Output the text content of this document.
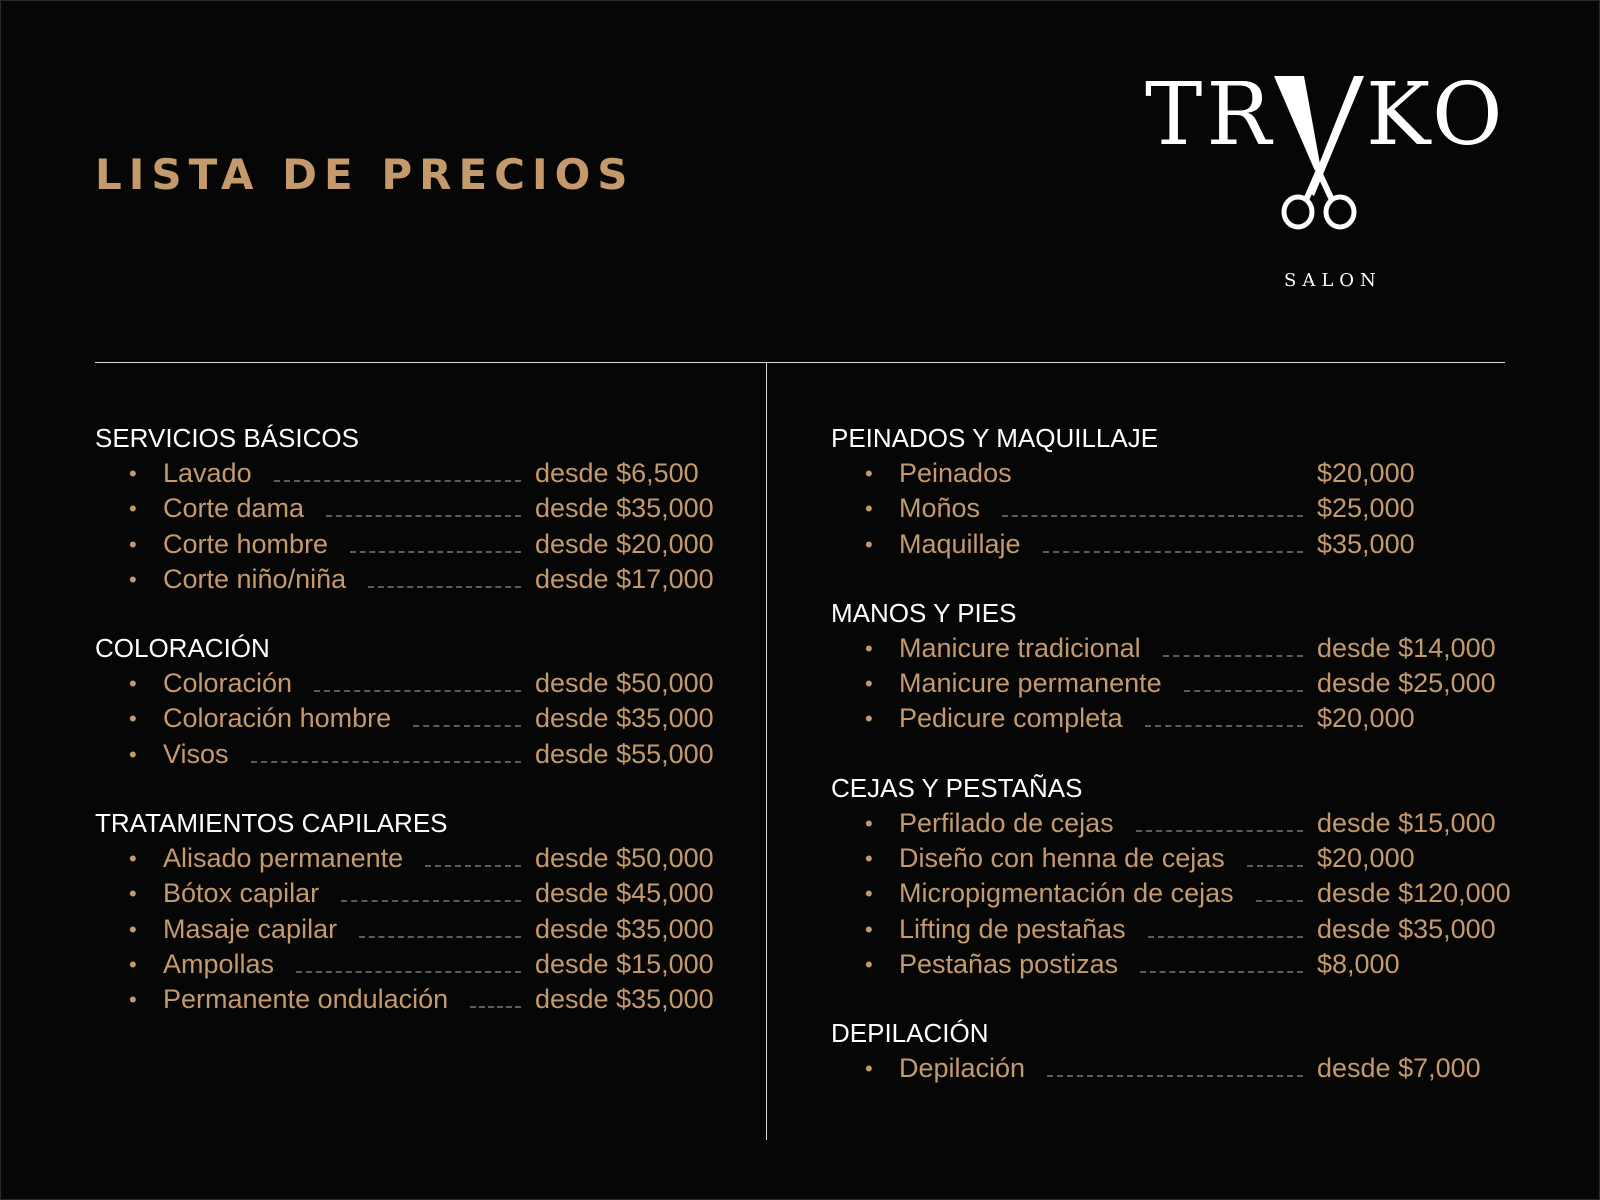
LISTA DE PRECIOS
TR KO
SALON
SERVICIOS BÁSICOS
• Lavado	desde $6,500
• Corte dama	desde $35,000
• Corte hombre	desde $20,000
• Corte niño/niña	desde $17,000
COLORACIÓN
• Coloración	desde $50,000
• Coloración hombre	desde $35,000
• Visos	desde $55,000
TRATAMIENTOS CAPILARES
• Alisado permanente	desde $50,000
• Bótox capilar	desde $45,000
• Masaje capilar	desde $35,000
• Ampollas	desde $15,000
• Permanente ondulación	desde $35,000
PEINADOS Y MAQUILLAJE
• Peinados	$20,000
• Moños	$25,000
• Maquillaje	$35,000
MANOS Y PIES
• Manicure tradicional	desde $14,000
• Manicure permanente	desde $25,000
• Pedicure completa	$20,000
CEJAS Y PESTAÑAS
• Perfilado de cejas	desde $15,000
• Diseño con henna de cejas	$20,000
• Micropigmentación de cejas	desde $120,000
• Lifting de pestañas	desde $35,000
• Pestañas postizas	$8,000
DEPILACIÓN
• Depilación	desde $7,000
